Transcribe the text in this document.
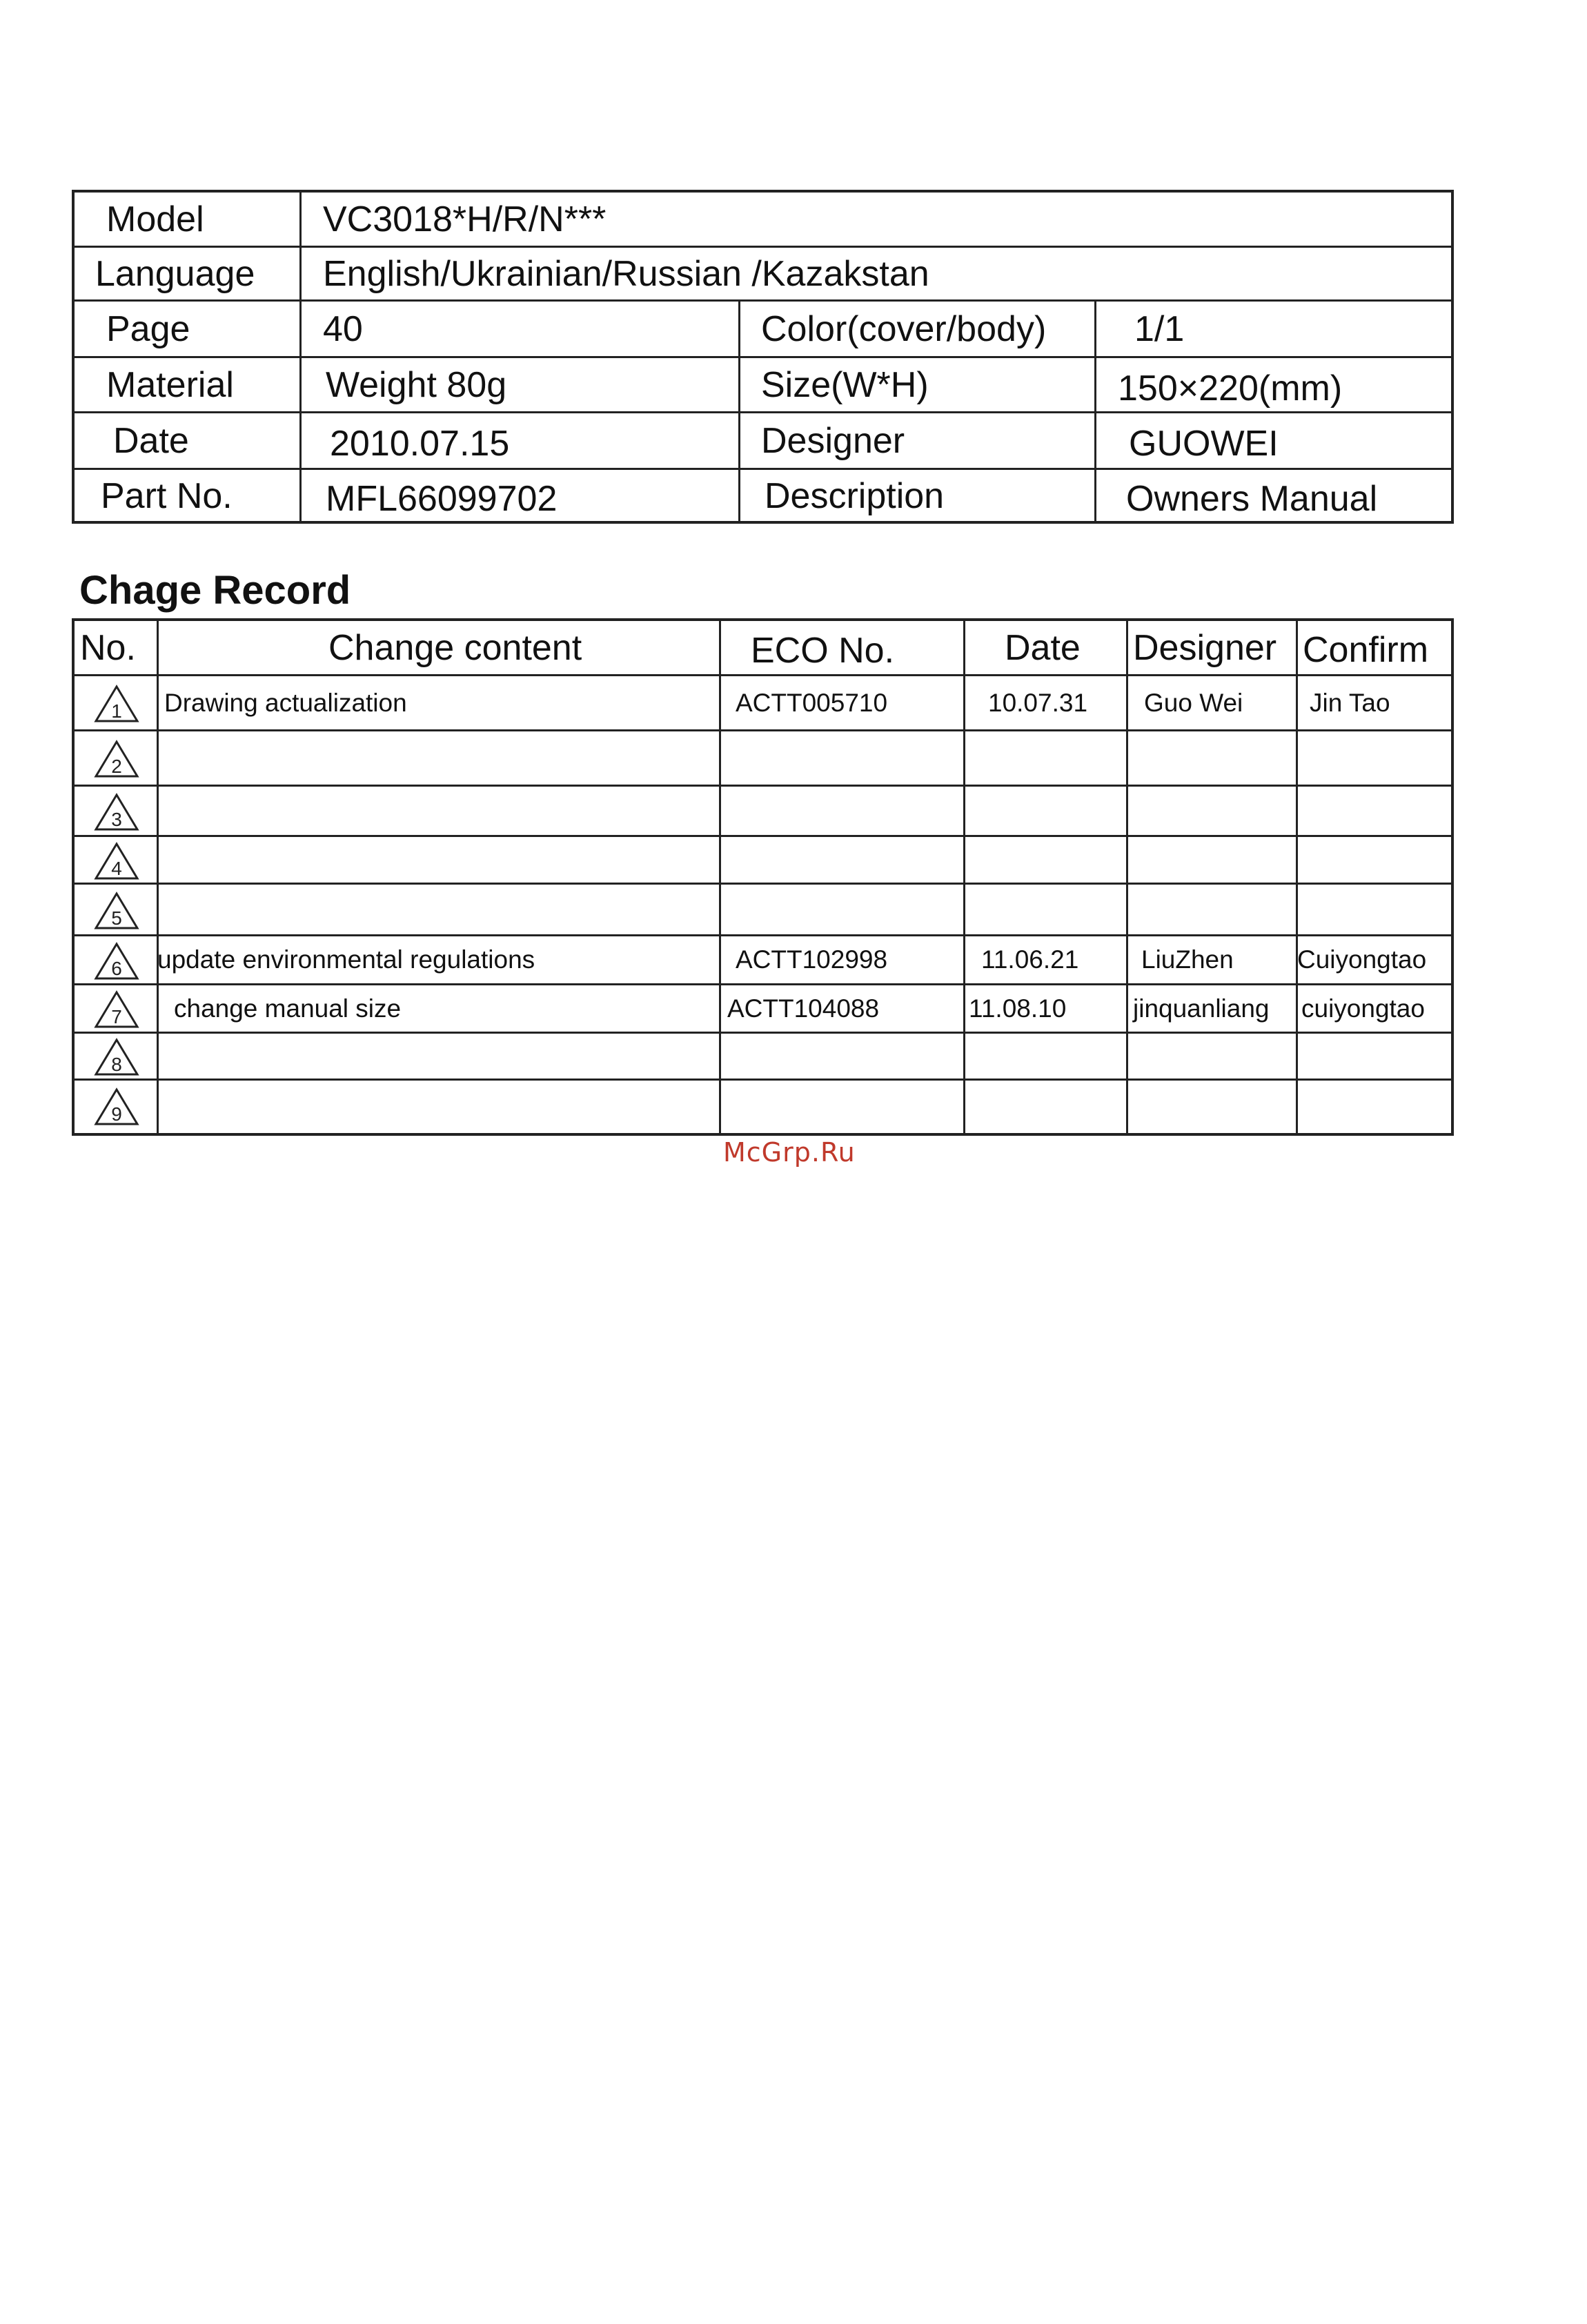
Model	VC3018*H/R/N***
Language English/Ukrainian/Russian /Kazakstan
Page	40	Color(cover/body) 1/1
Material	Weight 80g	Size(W*H)	150×220(mm)
Date	2010.07.15	Designer	GUOWEI
Part No.	MFL66099702	Description	Owners Manual
Chage Record
No.	Change content	ECO No.	Date Designer Confirm
1 Drawing actualization	ACTT005710	10.07.31 Guo Wei	Jin Tao
2
3
4
5
6 update environmental regulations	ACTT102998	11.06.21 LiuZhen Cuiyongtao
7 change manual size	ACTT104088	11.08.10	jinquanliang cuiyongtao
8
9
McGrp.Ru
